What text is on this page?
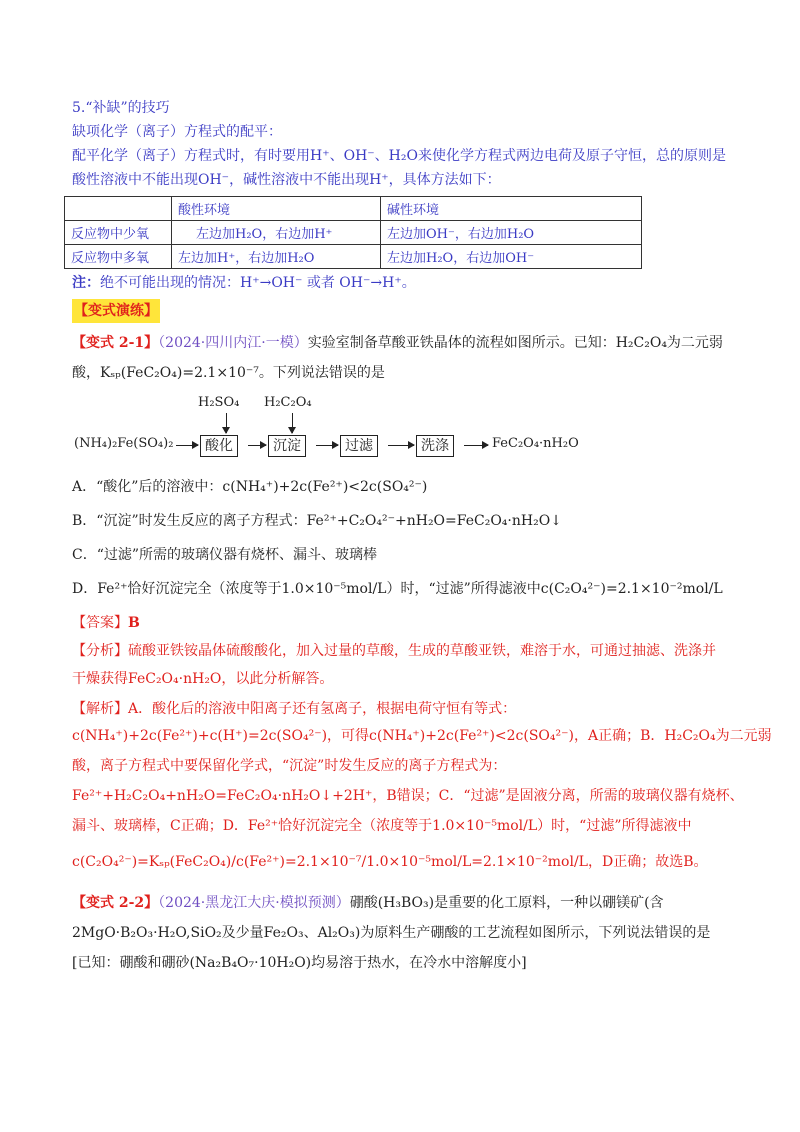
5.“补缺”的技巧
缺项化学（离子）方程式的配平：
配平化学（离子）方程式时，有时要用H⁺、OH⁻、H₂O来使化学方程式两边电荷及原子守恒，总的原则是
酸性溶液中不能出现OH⁻，碱性溶液中不能出现H⁺，具体方法如下：
	酸性环境	碱性环境
反应物中少氧	左边加H₂O，右边加H⁺	左边加OH⁻，右边加H₂O
反应物中多氧	左边加H⁺，右边加H₂O	左边加H₂O，右边加OH⁻
注：绝不可能出现的情况：H⁺→OH⁻ 或者 OH⁻→H⁺。
【变式演练】
【变式 2-1】（2024·四川内江·一模）实验室制备草酸亚铁晶体的流程如图所示。已知：H₂C₂O₄为二元弱
酸，Kₛₚ(FeC₂O₄)=2.1×10⁻⁷。下列说法错误的是
H₂SO₄ H₂C₂O₄
(NH₄)₂Fe(SO₄)₂	酸化	沉淀	过滤	洗涤	FeC₂O₄·nH₂O
A．“酸化”后的溶液中：c(NH₄⁺)+2c(Fe²⁺)<2c(SO₄²⁻)
B．“沉淀”时发生反应的离子方程式：Fe²⁺+C₂O₄²⁻+nH₂O=FeC₂O₄·nH₂O↓
C．“过滤”所需的玻璃仪器有烧杯、漏斗、玻璃棒
D．Fe²⁺恰好沉淀完全（浓度等于1.0×10⁻⁵mol/L）时，“过滤”所得滤液中c(C₂O₄²⁻)=2.1×10⁻²mol/L
【答案】B
【分析】硫酸亚铁铵晶体硫酸酸化，加入过量的草酸，生成的草酸亚铁，难溶于水，可通过抽滤、洗涤并
干燥获得FeC₂O₄·nH₂O，以此分析解答。
【解析】A．酸化后的溶液中阳离子还有氢离子，根据电荷守恒有等式：
c(NH₄⁺)+2c(Fe²⁺)+c(H⁺)=2c(SO₄²⁻)，可得c(NH₄⁺)+2c(Fe²⁺)<2c(SO₄²⁻)，A正确；B．H₂C₂O₄为二元弱
酸，离子方程式中要保留化学式，“沉淀”时发生反应的离子方程式为：
Fe²⁺+H₂C₂O₄+nH₂O=FeC₂O₄·nH₂O↓+2H⁺，B错误；C．“过滤”是固液分离，所需的玻璃仪器有烧杯、
漏斗、玻璃棒，C正确；D．Fe²⁺恰好沉淀完全（浓度等于1.0×10⁻⁵mol/L）时，“过滤”所得滤液中
c(C₂O₄²⁻)=Kₛₚ(FeC₂O₄)/c(Fe²⁺)=2.1×10⁻⁷/1.0×10⁻⁵mol/L=2.1×10⁻²mol/L，D正确；故选B。
【变式 2-2】（2024·黑龙江大庆·模拟预测）硼酸(H₃BO₃)是重要的化工原料，一种以硼镁矿(含
2MgO·B₂O₃·H₂O,SiO₂及少量Fe₂O₃、Al₂O₃)为原料生产硼酸的工艺流程如图所示，下列说法错误的是
[已知：硼酸和硼砂(Na₂B₄O₇·10H₂O)均易溶于热水，在冷水中溶解度小]
